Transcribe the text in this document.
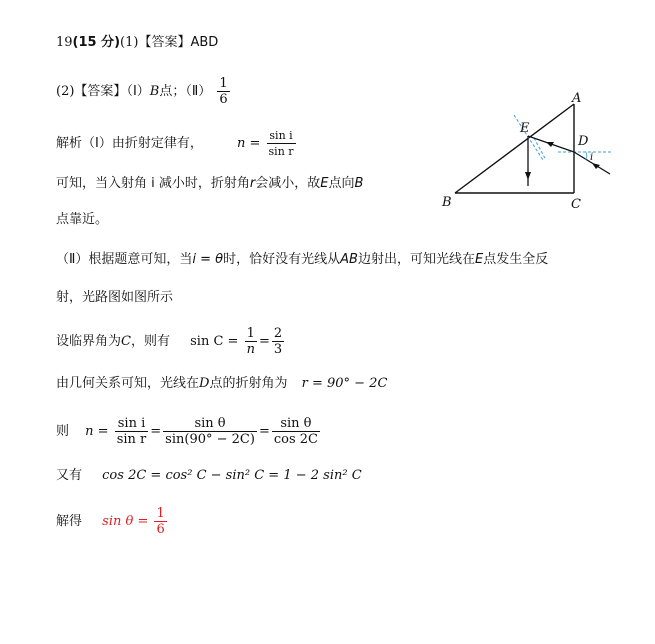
19(15 分)(1)【答案】ABD
(2)【答案】（Ⅰ）B点；（Ⅱ） $\frac{1}{6}$
解析（Ⅰ）由折射定律有，	$n = \frac{\text{sin i}}{\text{sin r}}$
可知，当入射角 i 减小时，折射角r会减小，故E点向B
点靠近。
（Ⅱ）根据题意可知，当i = θ时，恰好没有光线从AB边射出，可知光线在E点发生全反
射，光路图如图所示
设临界角为C，则有 $\sin C = \frac{1}{n} = \frac{2}{3}$
由几何关系可知，光线在D点的折射角为 r = 90° − 2C
则 $n = \frac{\text{sin i}}{\text{sin r}} = \frac{\text{sin θ}}{\sin(90^\circ - 2C)} = \frac{\text{sin θ}}{\cos 2C}$
又有 cos 2C = cos² C − sin² C = 1 − 2 sin² C
解得 $\sin \theta = \frac{1}{6}$
A
B	C
D
E
i
